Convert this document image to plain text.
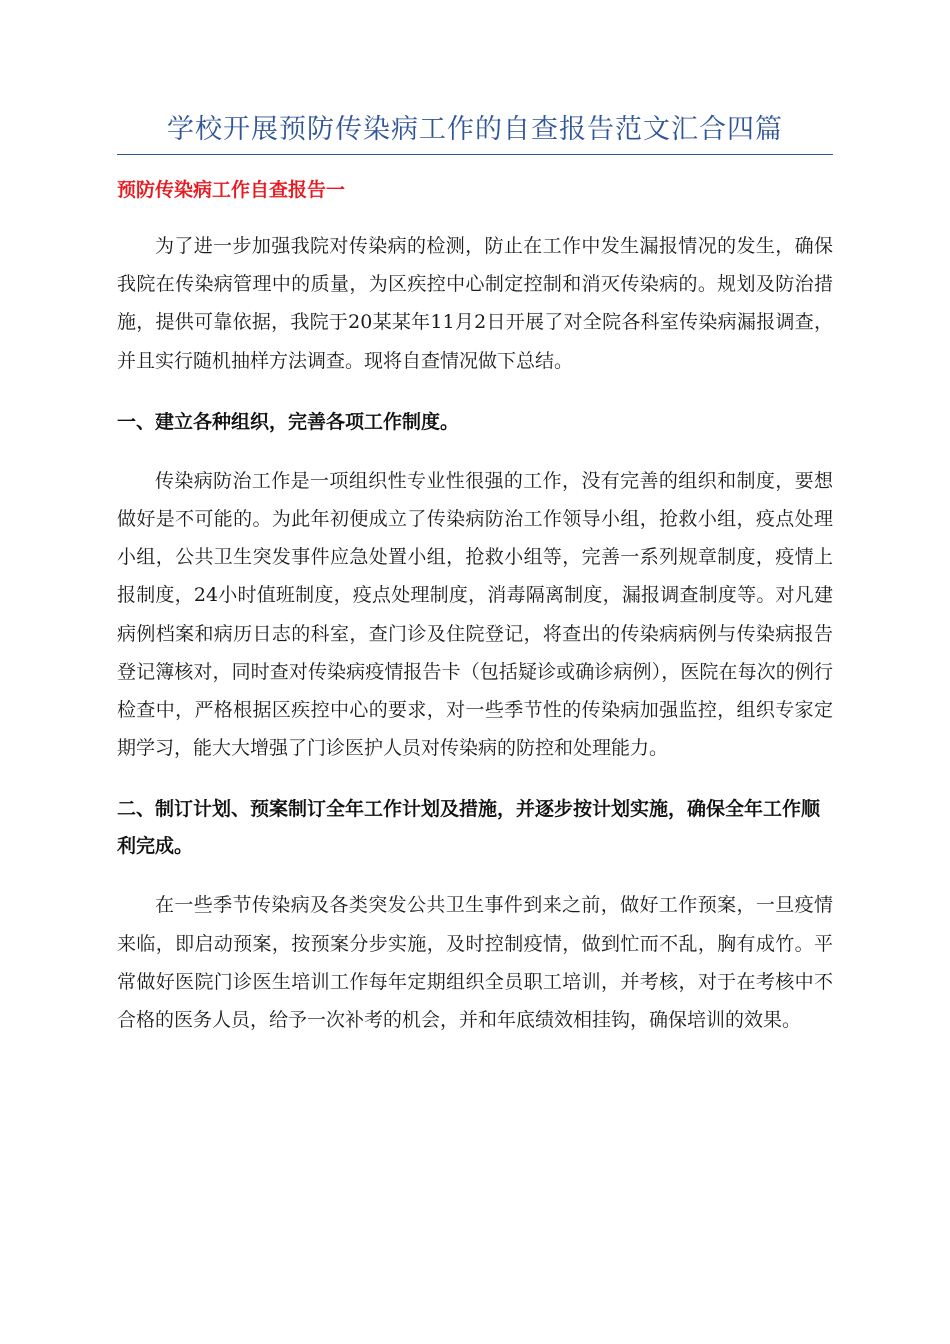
学校开展预防传染病工作的自查报告范文汇合四篇
预防传染病工作自查报告一

为了进一步加强我院对传染病的检测，防止在工作中发生漏报情况的发生，确保我院在传染病管理中的质量，为区疾控中心制定控制和消灭传染病的。规划及防治措施，提供可靠依据，我院于20某某年11月2日开展了对全院各科室传染病漏报调查，并且实行随机抽样方法调查。现将自查情况做下总结。

一、建立各种组织，完善各项工作制度。

传染病防治工作是一项组织性专业性很强的工作，没有完善的组织和制度，要想做好是不可能的。为此年初便成立了传染病防治工作领导小组，抢救小组，疫点处理小组，公共卫生突发事件应急处置小组，抢救小组等，完善一系列规章制度，疫情上报制度，24小时值班制度，疫点处理制度，消毒隔离制度，漏报调查制度等。对凡建病例档案和病历日志的科室，查门诊及住院登记，将查出的传染病病例与传染病报告登记簿核对，同时查对传染病疫情报告卡（包括疑诊或确诊病例），医院在每次的例行检查中，严格根据区疾控中心的要求，对一些季节性的传染病加强监控，组织专家定期学习，能大大增强了门诊医护人员对传染病的防控和处理能力。

二、制订计划、预案制订全年工作计划及措施，并逐步按计划实施，确保全年工作顺利完成。

在一些季节传染病及各类突发公共卫生事件到来之前，做好工作预案，一旦疫情来临，即启动预案，按预案分步实施，及时控制疫情，做到忙而不乱，胸有成竹。平常做好医院门诊医生培训工作每年定期组织全员职工培训，并考核，对于在考核中不合格的医务人员，给予一次补考的机会，并和年底绩效相挂钩，确保培训的效果。
